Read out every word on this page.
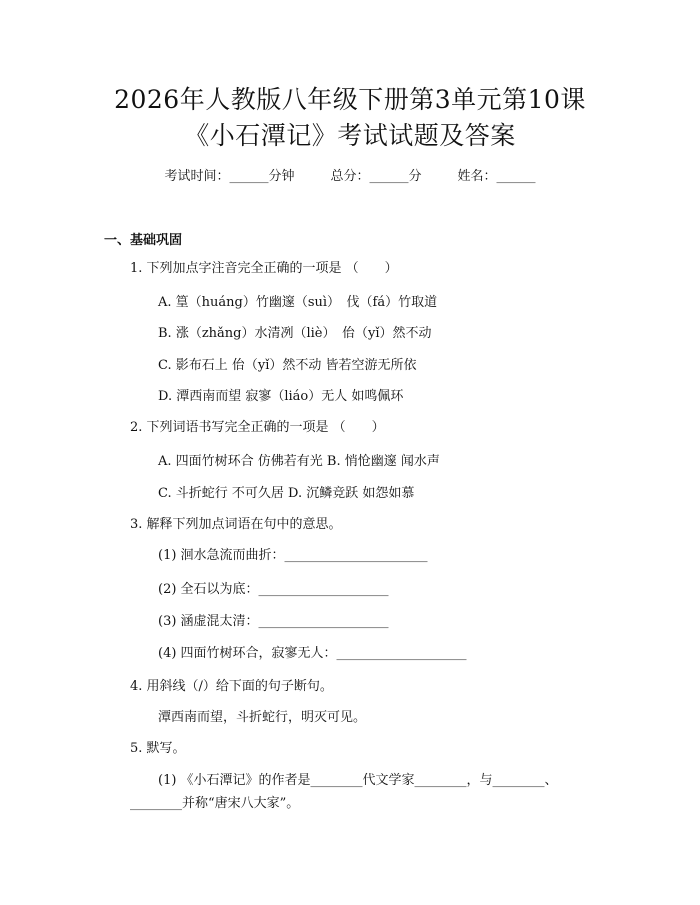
2026年人教版八年级下册第3单元第10课
《小石潭记》考试试题及答案
考试时间：______分钟	总分：______分	姓名：______
一、基础巩固
1. 下列加点字注音完全正确的一项是 （　　）
A. 篁（huáng）竹幽邃（suì）　伐（fá）竹取道
B. 涨（zhǎng）水清冽（liè）　佁（yǐ）然不动
C. 影布石上 佁（yǐ）然不动 皆若空游无所依
D. 潭西南而望 寂寥（liáo）无人 如鸣佩环
2. 下列词语书写完全正确的一项是 （　　）
A. 四面竹树环合 仿佛若有光 B. 悄怆幽邃 闻水声
C. 斗折蛇行 不可久居 D. 沉鳞竞跃 如怨如慕
3. 解释下列加点词语在句中的意思。
(1) 洄水急流而曲折：______________________
(2) 全石以为底：____________________
(3) 涵虚混太清：____________________
(4) 四面竹树环合，寂寥无人：____________________
4. 用斜线（/）给下面的句子断句。
潭西南而望，斗折蛇行，明灭可见。
5. 默写。
(1) 《小石潭记》的作者是________代文学家________，与________、
________并称“唐宋八大家”。
